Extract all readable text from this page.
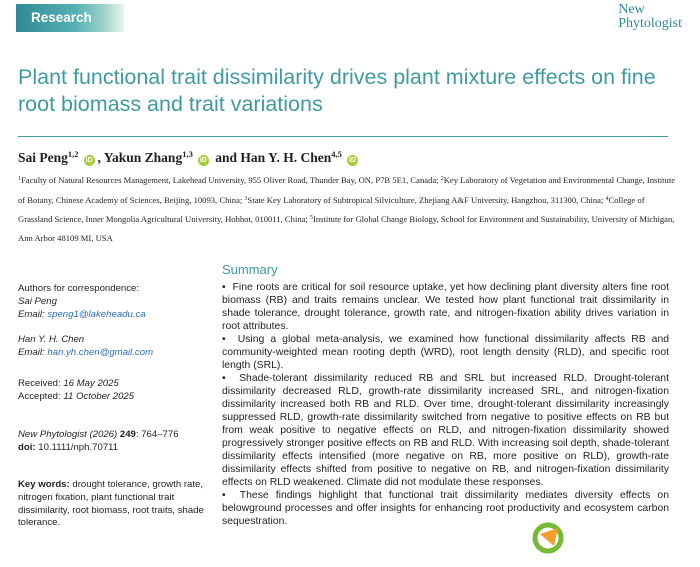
Research
New
Phytologist
Plant functional trait dissimilarity drives plant mixture effects on fine root biomass and trait variations
Sai Peng$^{1,2}$iD , Yakun Zhang$^{1,3}$iD and Han Y. H. Chen$^{4,5}$iD
$^1$Faculty of Natural Resources Management, Lakehead University, 955 Oliver Road, Thunder Bay, ON, P7B 5E1, Canada; $^2$Key Laboratory of Vegetation and Environmental Change, Institute of Botany, Chinese Academy of Sciences, Beijing, 10093, China; $^3$State Key Laboratory of Subtropical Silviculture, Zhejiang A&F University, Hangzhou, 311300, China; $^4$College of Grassland Science, Inner Mongolia Agricultural University, Hohhot, 010011, China; $^5$Institute for Global Change Biology, School for Environment and Sustainability, University of Michigan, Ann Arbor 48109 MI, USA
Authors for correspondence:
Sai Peng
Email: speng1@lakeheadu.ca
Han Y. H. Chen
Email: han.yh.chen@gmail.com
Received: 16 May 2025
Accepted: 11 October 2025
New Phytologist (2026) 249: 764–776
doi: 10.1111/nph.70711
Key words: drought tolerance, growth rate, nitrogen fixation, plant functional trait dissimilarity, root biomass, root traits, shade tolerance.
Summary

•  Fine roots are critical for soil resource uptake, yet how declining plant diversity alters fine root biomass (RB) and traits remains unclear. We tested how plant functional trait dissimilarity in shade tolerance, drought tolerance, growth rate, and nitrogen-fixation ability drives variation in root attributes.

•  Using a global meta-analysis, we examined how functional dissimilarity affects RB and community-weighted mean rooting depth (WRD), root length density (RLD), and specific root length (SRL).

•  Shade-tolerant dissimilarity reduced RB and SRL but increased RLD. Drought-tolerant dissimilarity decreased RLD, growth-rate dissimilarity increased SRL, and nitrogen-fixation dissimilarity increased both RB and RLD. Over time, drought-tolerant dissimilarity increasingly suppressed RLD, growth-rate dissimilarity switched from negative to positive effects on RB but from weak positive to negative effects on RLD, and nitrogen-fixation dissimilarity showed progressively stronger positive effects on RB and RLD. With increasing soil depth, shade-tolerant dissimilarity effects intensified (more negative on RB, more positive on RLD), growth-rate dissimilarity effects shifted from positive to negative on RB, and nitrogen-fixation dissimilarity effects on RLD weakened. Climate did not modulate these responses.

•  These findings highlight that functional trait dissimilarity mediates diversity effects on belowground processes and offer insights for enhancing root productivity and ecosystem carbon sequestration.
